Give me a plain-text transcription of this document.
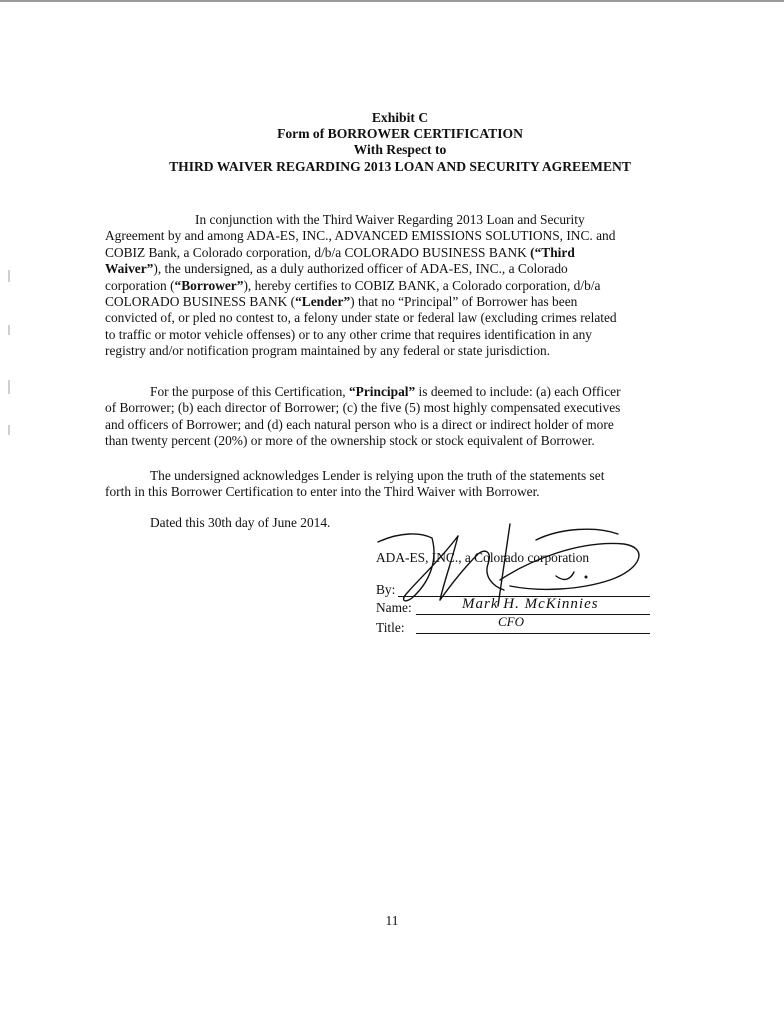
Exhibit C
Form of BORROWER CERTIFICATION
With Respect to
THIRD WAIVER REGARDING 2013 LOAN AND SECURITY AGREEMENT
In conjunction with the Third Waiver Regarding 2013 Loan and Security
Agreement by and among ADA-ES, INC., ADVANCED EMISSIONS SOLUTIONS, INC. and
COBIZ Bank, a Colorado corporation, d/b/a COLORADO BUSINESS BANK (“Third
Waiver”), the undersigned, as a duly authorized officer of ADA-ES, INC., a Colorado
corporation (“Borrower”), hereby certifies to COBIZ BANK, a Colorado corporation, d/b/a
COLORADO BUSINESS BANK (“Lender”) that no “Principal” of Borrower has been
convicted of, or pled no contest to, a felony under state or federal law (excluding crimes related
to traffic or motor vehicle offenses) or to any other crime that requires identification in any
registry and/or notification program maintained by any federal or state jurisdiction.
For the purpose of this Certification, “Principal” is deemed to include: (a) each Officer
of Borrower; (b) each director of Borrower; (c) the five (5) most highly compensated executives
and officers of Borrower; and (d) each natural person who is a direct or indirect holder of more
than twenty percent (20%) or more of the ownership stock or stock equivalent of Borrower.
The undersigned acknowledges Lender is relying upon the truth of the statements set
forth in this Borrower Certification to enter into the Third Waiver with Borrower.
Dated this 30th day of June 2014.
ADA-ES, INC., a Colorado corporation
By:
Name:	Mark H. McKinnies
Title:	CFO
11
